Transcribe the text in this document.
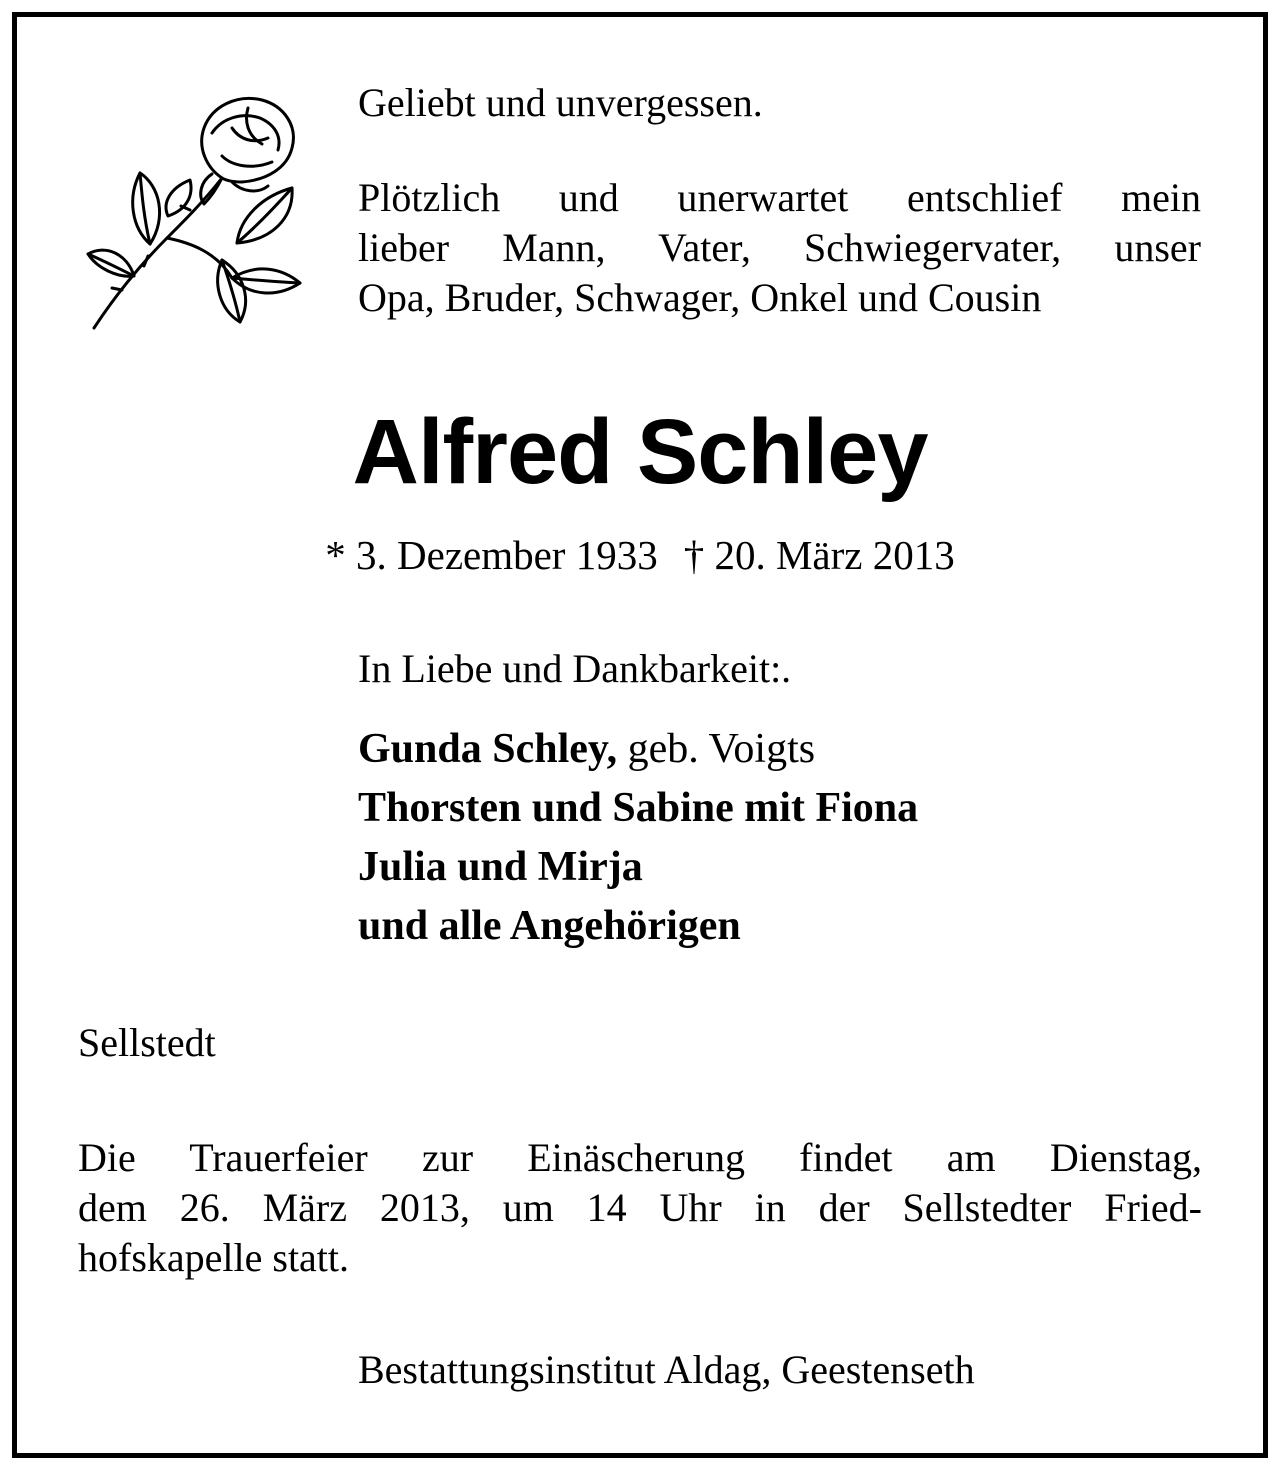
Geliebt und unvergessen.

Plötzlich und unerwartet entschlief mein
lieber Mann, Vater, Schwiegervater, unser
Opa, Bruder, Schwager, Onkel und Cousin
Alfred Schley
* 3. Dezember 1933 † 20. März 2013

In Liebe und Dankbarkeit:.

Gunda Schley, geb. Voigts
Thorsten und Sabine mit Fiona
Julia und Mirja
und alle Angehörigen

Sellstedt

Die Trauerfeier zur Einäscherung findet am Dienstag,
dem 26. März 2013, um 14 Uhr in der Sellstedter Fried-
hofskapelle statt.

Bestattungsinstitut Aldag, Geestenseth
